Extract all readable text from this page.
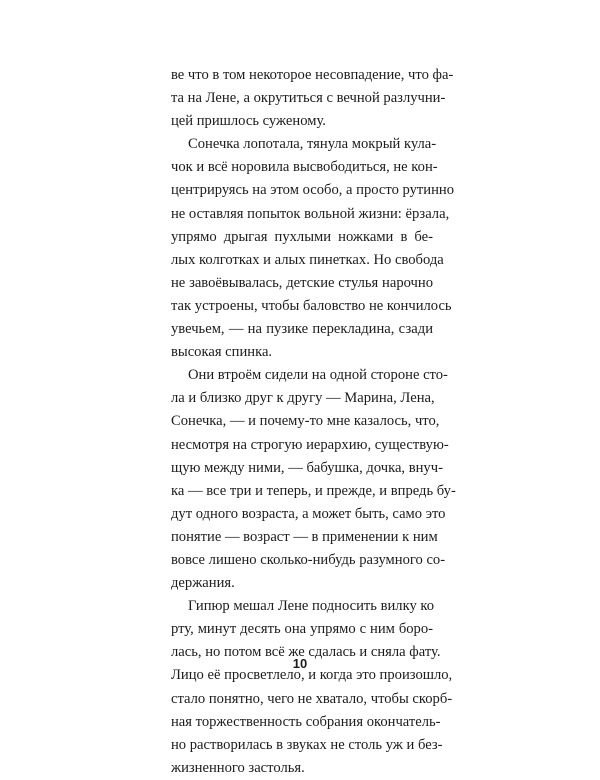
ве что в том некоторое несовпадение, что фа-
та на Лене, а окрутиться с вечной разлучни-
цей пришлось суженому.
Сонечка лопотала, тянула мокрый кула-
чок и всё норовила высвободиться, не кон-
центрируясь на этом особо, а просто рутинно
не оставляя попыток вольной жизни: ёрзала,
упрямо дрыгая пухлыми ножками в бе-
лых колготках и алых пинетках. Но свобода
не завоёвывалась, детские стулья нарочно
так устроены, чтобы баловство не кончилось
увечьем, — на пузике перекладина, сзади
высокая спинка.
Они втроём сидели на одной стороне сто-
ла и близко друг к другу — Марина, Лена,
Сонечка, — и почему-то мне казалось, что,
несмотря на строгую иерархию, существую-
щую между ними, — бабушка, дочка, внуч-
ка — все три и теперь, и прежде, и впредь бу-
дут одного возраста, а может быть, само это
понятие — возраст — в применении к ним
вовсе лишено сколько-нибудь разумного со-
держания.
Гипюр мешал Лене подносить вилку ко
рту, минут десять она упрямо с ним боро-
лась, но потом всё же сдалась и сняла фату.
Лицо её просветлело, и когда это произошло,
стало понятно, чего не хватало, чтобы скорб-
ная торжественность собрания окончатель-
но растворилась в звуках не столь уж и без-
жизненного застолья.
10
